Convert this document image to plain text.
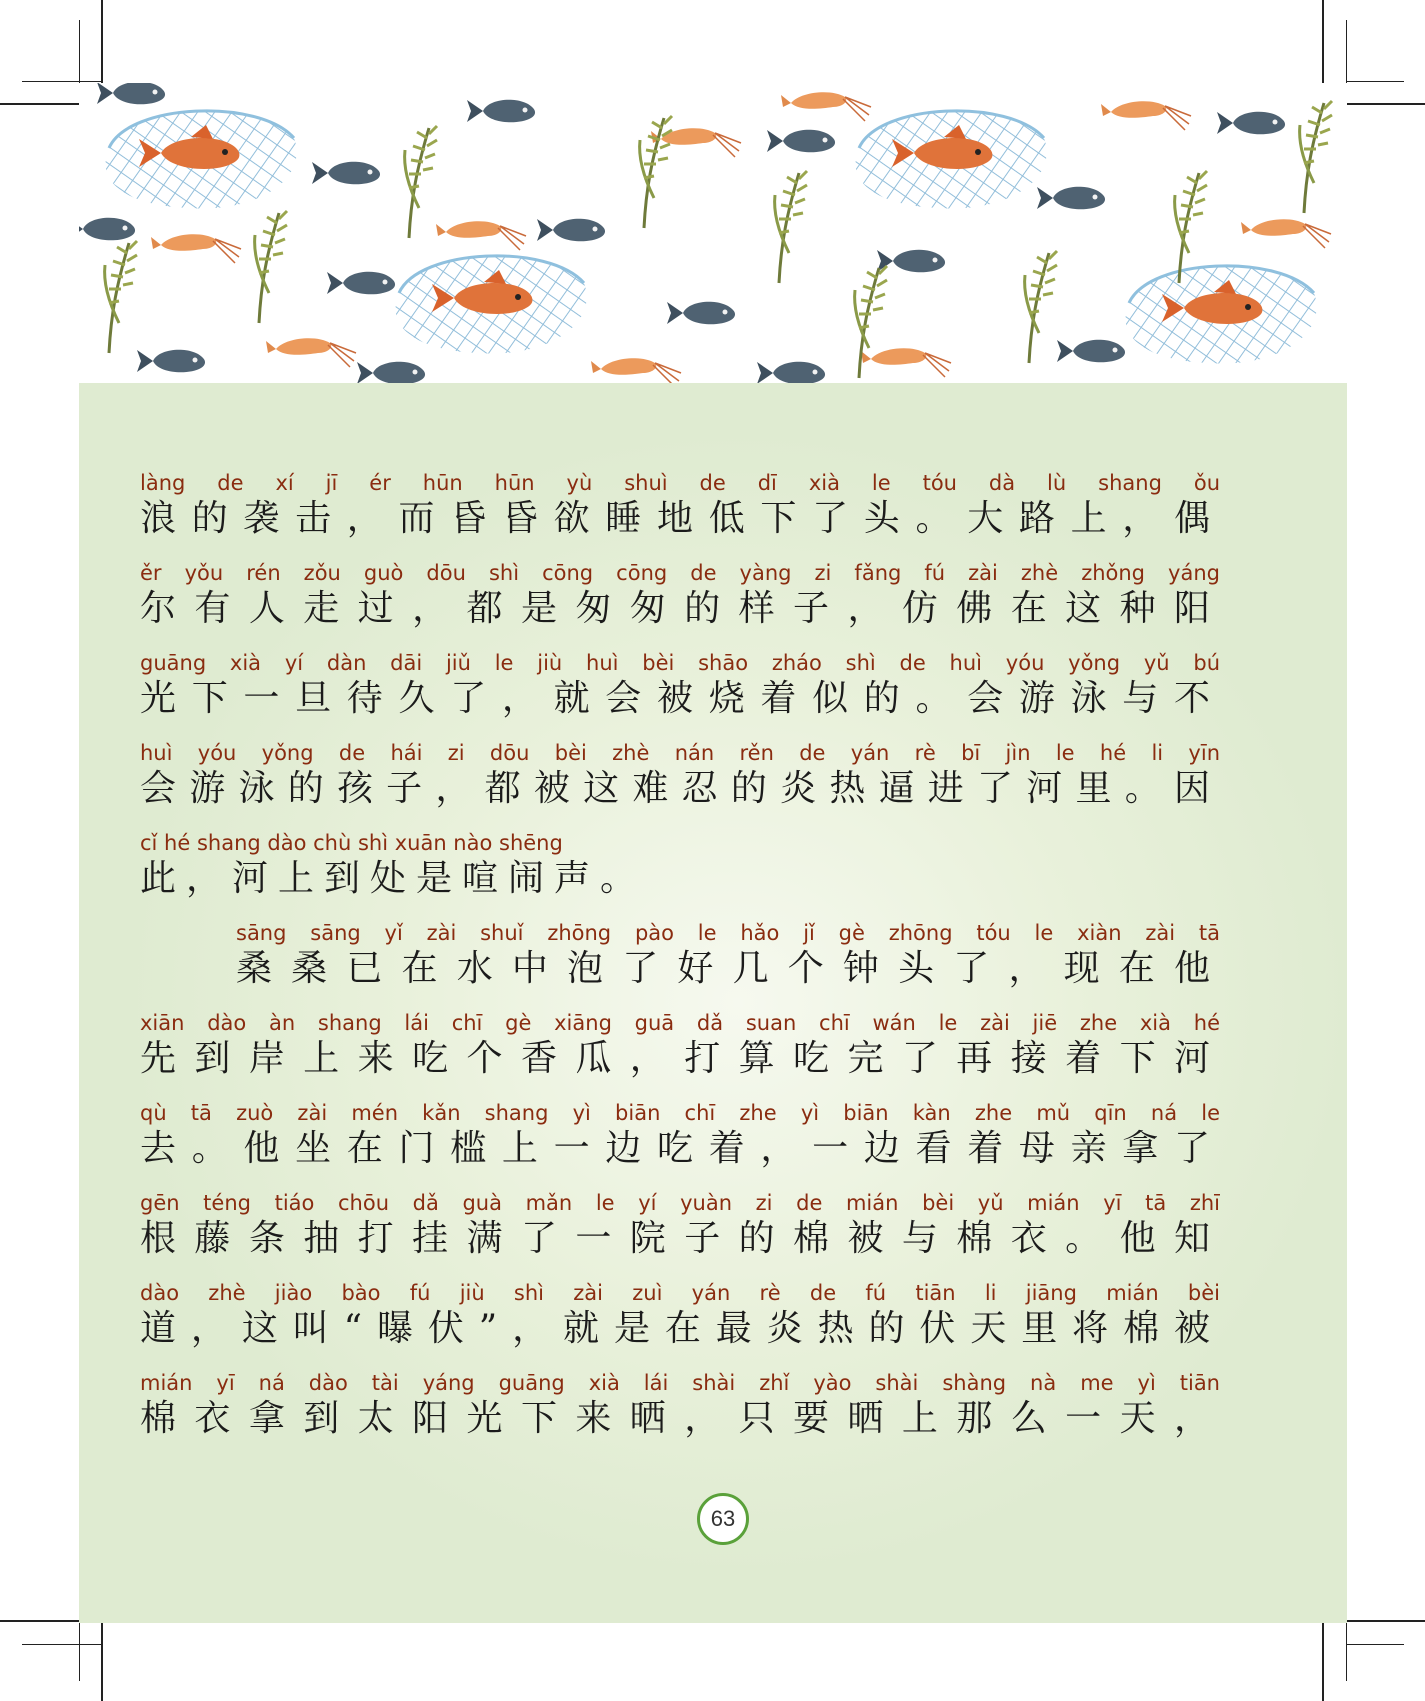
làng de xí jī ér hūn hūn yù shuì de dī xià le tóu dà lù shang ǒu
浪的袭击，而昏昏欲睡地低下了头。大路上，偶
ěr yǒu rén zǒu guò dōu shì cōng cōng de yàng zi fǎng fú zài zhè zhǒng yáng
尔有人走过，都是匆匆的样子，仿佛在这种阳
guāng xià yí dàn dāi jiǔ le jiù huì bèi shāo zháo shì de huì yóu yǒng yǔ bú
光下一旦待久了，就会被烧着似的。会游泳与不
huì yóu yǒng de hái zi dōu bèi zhè nán rěn de yán rè bī jìn le hé li yīn
会游泳的孩子，都被这难忍的炎热逼进了河里。因
cǐ hé shang dào chù shì xuān nào shēng
此，河上到处是喧闹声。
sāng sāng yǐ zài shuǐ zhōng pào le hǎo jǐ gè zhōng tóu le xiàn zài tā
桑桑已在水中泡了好几个钟头了，现在他
xiān dào àn shang lái chī gè xiāng guā dǎ suan chī wán le zài jiē zhe xià hé
先到岸上来吃个香瓜，打算吃完了再接着下河
qù tā zuò zài mén kǎn shang yì biān chī zhe yì biān kàn zhe mǔ qīn ná le
去。他坐在门槛上一边吃着，一边看着母亲拿了
gēn téng tiáo chōu dǎ guà mǎn le yí yuàn zi de mián bèi yǔ mián yī tā zhī
根藤条抽打挂满了一院子的棉被与棉衣。他知
dào zhè jiào bào fú jiù shì zài zuì yán rè de fú tiān li jiāng mián bèi
道，这叫“曝伏”，就是在最炎热的伏天里将棉被
mián yī ná dào tài yáng guāng xià lái shài zhǐ yào shài shàng nà me yì tiān
棉衣拿到太阳光下来晒，只要晒上那么一天，
63
